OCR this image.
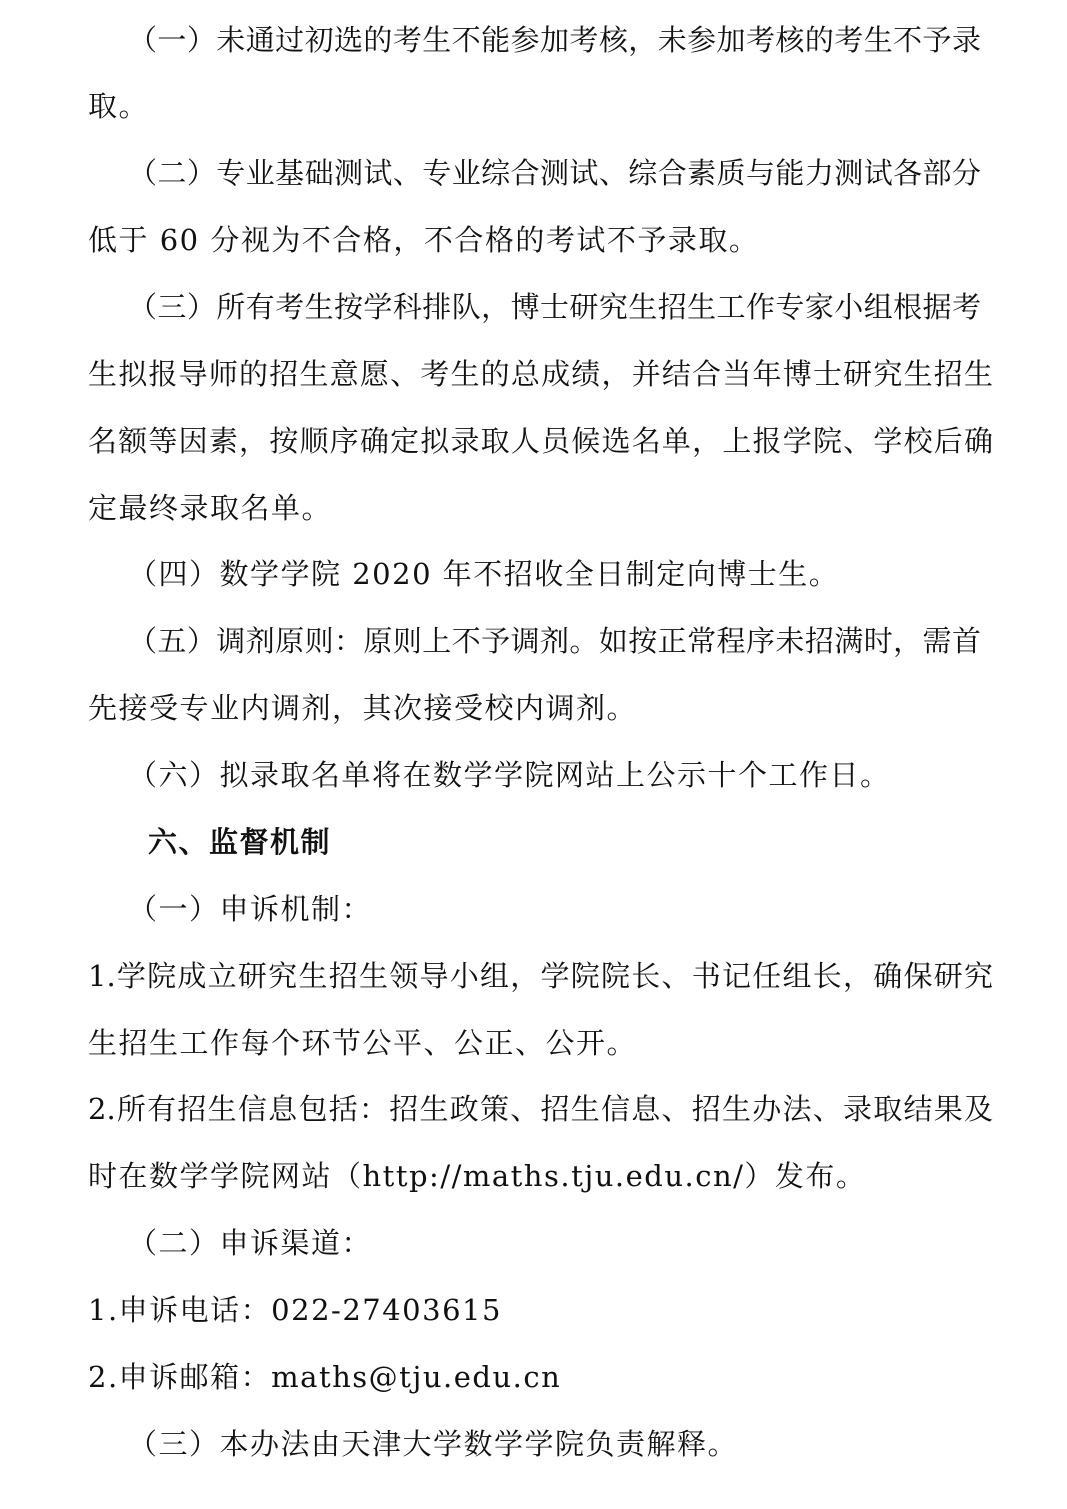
（一）未通过初选的考生不能参加考核，未参加考核的考生不予录
取。
（二）专业基础测试、专业综合测试、综合素质与能力测试各部分
低于 60 分视为不合格，不合格的考试不予录取。
（三）所有考生按学科排队，博士研究生招生工作专家小组根据考
生拟报导师的招生意愿、考生的总成绩，并结合当年博士研究生招生
名额等因素，按顺序确定拟录取人员候选名单，上报学院、学校后确
定最终录取名单。
（四）数学学院 2020 年不招收全日制定向博士生。
（五）调剂原则：原则上不予调剂。如按正常程序未招满时，需首
先接受专业内调剂，其次接受校内调剂。
（六）拟录取名单将在数学学院网站上公示十个工作日。
六、监督机制
（一）申诉机制：
1.学院成立研究生招生领导小组，学院院长、书记任组长，确保研究
生招生工作每个环节公平、公正、公开。
2.所有招生信息包括：招生政策、招生信息、招生办法、录取结果及
时在数学学院网站（http://maths.tju.edu.cn/）发布。
（二）申诉渠道：
1.申诉电话：022-27403615
2.申诉邮箱：maths@tju.edu.cn
（三）本办法由天津大学数学学院负责解释。
